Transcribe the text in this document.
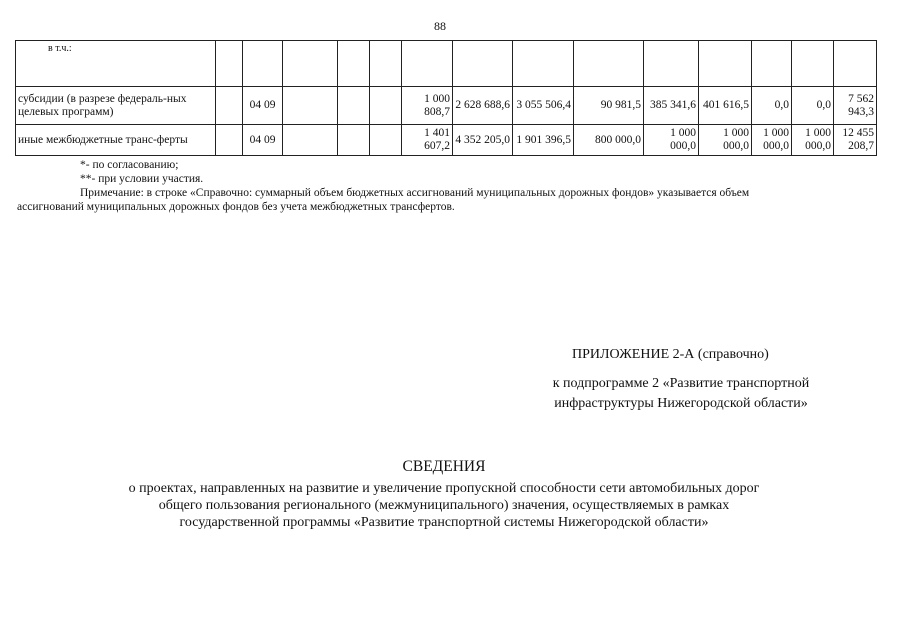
88
в т.ч.:														

субсидии (в разрезе федераль-ных целевых программ)		04 09				1 000 808,7	2 628 688,6	3 055 506,4	90 981,5	385 341,6	401 616,5	0,0	0,0	7 562 943,3
иные межбюджетные транс-ферты		04 09				1 401 607,2	4 352 205,0	1 901 396,5	800 000,0	1 000 000,0	1 000 000,0	1 000 000,0	1 000 000,0	12 455 208,7

*- по согласованию;

**- при условии участия.

Примечание: в строке «Справочно: суммарный объем бюджетных ассигнований муниципальных дорожных фондов» указывается объем

ассигнований муниципальных дорожных фондов без учета межбюджетных трансфертов.

ПРИЛОЖЕНИЕ 2-А (справочно)
к подпрограмме 2 «Развитие транспортной
инфраструктуры Нижегородской области»
СВЕДЕНИЯ
о проектах, направленных на развитие и увеличение пропускной способности сети автомобильных дорог
общего пользования регионального (межмуниципального) значения, осуществляемых в рамках
государственной программы «Развитие транспортной системы Нижегородской области»
